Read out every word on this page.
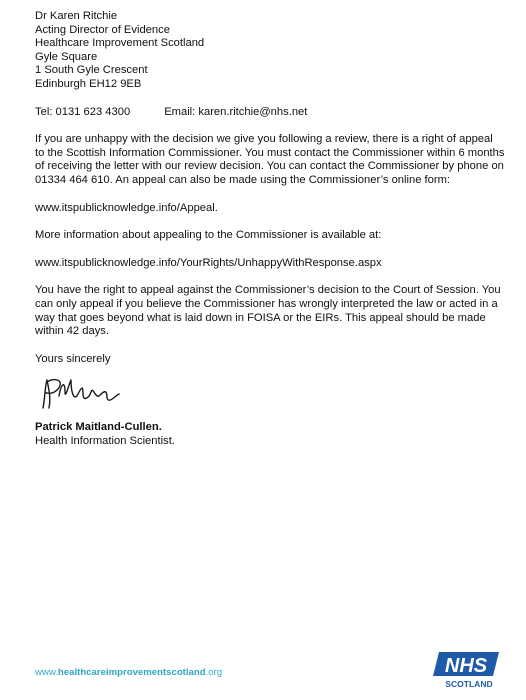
Dr Karen Ritchie
Acting Director of Evidence
Healthcare Improvement Scotland
Gyle Square
1 South Gyle Crescent
Edinburgh EH12 9EB
Tel: 0131 623 4300	Email: karen.ritchie@nhs.net

If you are unhappy with the decision we give you following a review, there is a right of appeal to the Scottish Information Commissioner. You must contact the Commissioner within 6 months of receiving the letter with our review decision. You can contact the Commissioner by phone on 01334 464 610. An appeal can also be made using the Commissioner’s online form:

www.itspublicknowledge.info/Appeal.

More information about appealing to the Commissioner is available at:

www.itspublicknowledge.info/YourRights/UnhappyWithResponse.aspx

You have the right to appeal against the Commissioner’s decision to the Court of Session. You can only appeal if you believe the Commissioner has wrongly interpreted the law or acted in a way that goes beyond what is laid down in FOISA or the EIRs. This appeal should be made within 42 days.

Yours sincerely

Patrick Maitland-Cullen.
Health Information Scientist.
www.healthcareimprovementscotland.org	NHS
SCOTLAND
